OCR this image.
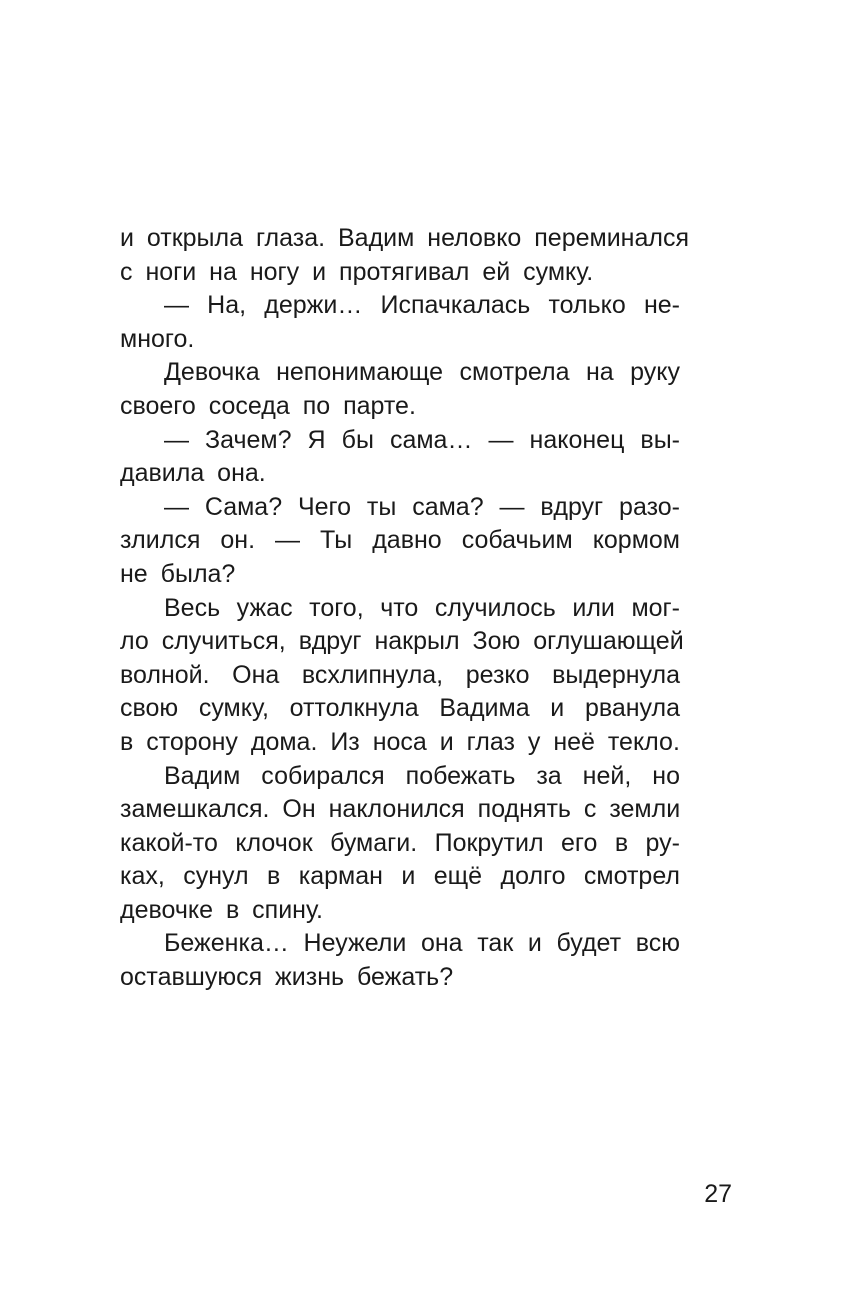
и открыла глаза. Вадим неловко переминался
с ноги на ногу и протягивал ей сумку.
— На, держи… Испачкалась только не-
много.
Девочка непонимающе смотрела на руку
своего соседа по парте.
— Зачем? Я бы сама… — наконец вы-
давила она.
— Сама? Чего ты сама? — вдруг разо-
злился он. — Ты давно собачьим кормом
не была?
Весь ужас того, что случилось или мог-
ло случиться, вдруг накрыл Зою оглушающей
волной. Она всхлипнула, резко выдернула
свою сумку, оттолкнула Вадима и рванула
в сторону дома. Из носа и глаз у неё текло.
Вадим собирался побежать за ней, но
замешкался. Он наклонился поднять с земли
какой-то клочок бумаги. Покрутил его в ру-
ках, сунул в карман и ещё долго смотрел
девочке в спину.
Беженка… Неужели она так и будет всю
оставшуюся жизнь бежать?
27
